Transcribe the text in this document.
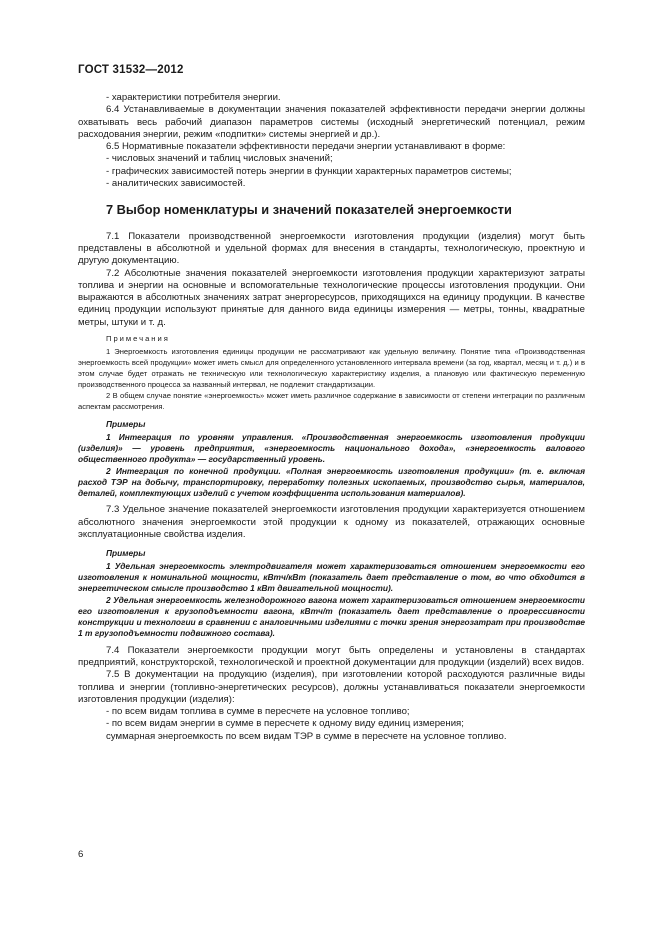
ГОСТ 31532—2012

- характеристики потребителя энергии.

6.4 Устанавливаемые в документации значения показателей эффективности передачи энергии должны охватывать весь рабочий диапазон параметров системы (исходный энергетический потенциал, режим расходования энергии, режим «подпитки» системы энергией и др.).

6.5 Нормативные показатели эффективности передачи энергии устанавливают в форме:

- числовых значений и таблиц числовых значений;

- графических зависимостей потерь энергии в функции характерных параметров системы;

- аналитических зависимостей.

7 Выбор номенклатуры и значений показателей энергоемкости

7.1 Показатели производственной энергоемкости изготовления продукции (изделия) могут быть представлены в абсолютной и удельной формах для внесения в стандарты, технологическую, проектную и другую документацию.

7.2 Абсолютные значения показателей энергоемкости изготовления продукции характеризуют затраты топлива и энергии на основные и вспомогательные технологические процессы изготовления продукции. Они выражаются в абсолютных значениях затрат энергоресурсов, приходящихся на единицу продукции. В качестве единиц продукции используют принятые для данного вида единицы измерения — метры, тонны, квадратные метры, штуки и т. д.

Примечания

1 Энергоемкость изготовления единицы продукции не рассматривают как удельную величину. Понятие типа «Производственная энергоемкость всей продукции» может иметь смысл для определенного установленного интервала времени (за год, квартал, месяц и т. д.) и в этом случае будет отражать не техническую или технологическую характеристику изделия, а плановую или фактическую переменную производственного процесса за названный интервал, не подлежит стандартизации.

2 В общем случае понятие «энергоемкость» может иметь различное содержание в зависимости от степени интеграции по различным аспектам рассмотрения.

Примеры

1 Интеграция по уровням управления. «Производственная энергоемкость изготовления продукции (изделия)» — уровень предприятия, «энергоемкость национального дохода», «энергоемкость валового общественного продукта» — государственный уровень.

2 Интеграция по конечной продукции. «Полная энергоемкость изготовления продукции» (т. е. включая расход ТЭР на добычу, транспортировку, переработку полезных ископаемых, производство сырья, материалов, деталей, комплектующих изделий с учетом коэффициента использования материалов).

7.3 Удельное значение показателей энергоемкости изготовления продукции характеризуется отношением абсолютного значения энергоемкости этой продукции к одному из показателей, отражающих основные эксплуатационные свойства изделия.

Примеры

1 Удельная энергоемкость электродвигателя может характеризоваться отношением энергоемкости его изготовления к номинальной мощности, кВтч/кВт (показатель дает представление о том, во что обходится в энергетическом смысле производство 1 кВт двигательной мощности).

2 Удельная энергоемкость железнодорожного вагона может характеризоваться отношением энергоемкости его изготовления к грузоподъемности вагона, кВтч/т (показатель дает представление о прогрессивности конструкции и технологии в сравнении с аналогичными изделиями с точки зрения энергозатрат при производстве 1 т грузоподъемности подвижного состава).

7.4 Показатели энергоемкости продукции могут быть определены и установлены в стандартах предприятий, конструкторской, технологической и проектной документации для продукции (изделий) всех видов.

7.5 В документации на продукцию (изделия), при изготовлении которой расходуются различные виды топлива и энергии (топливно-энергетических ресурсов), должны устанавливаться показатели энергоемкости изготовления продукции (изделия):

- по всем видам топлива в сумме в пересчете на условное топливо;

- по всем видам энергии в сумме в пересчете к одному виду единиц измерения;

суммарная энергоемкость по всем видам ТЭР в сумме в пересчете на условное топливо.

6
